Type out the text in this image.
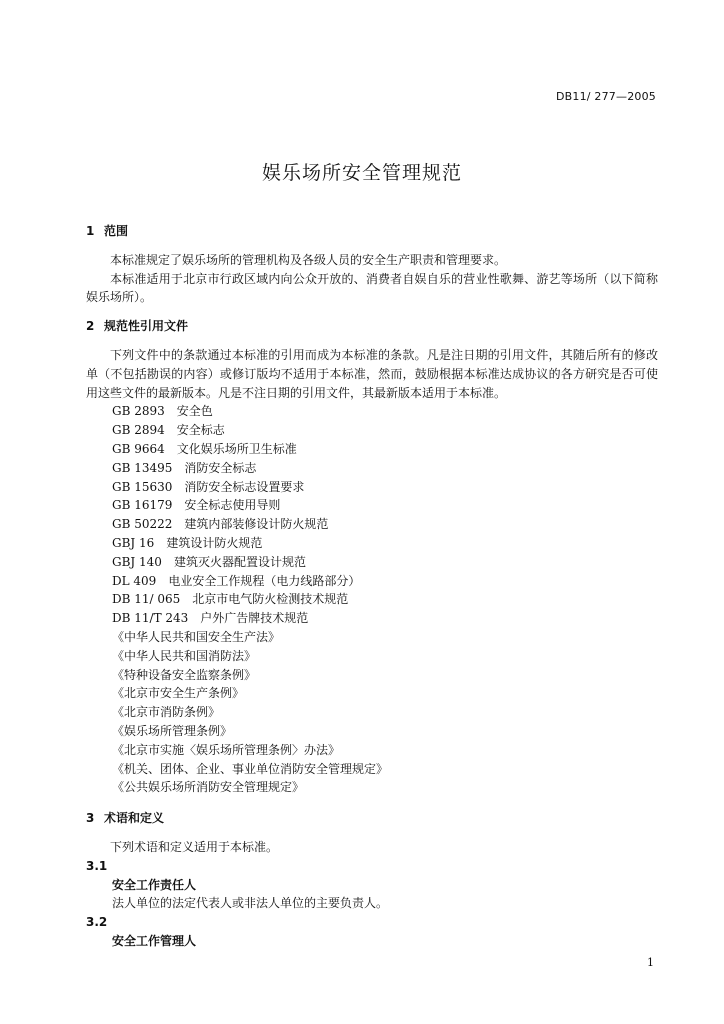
DB11/ 277—2005
娱乐场所安全管理规范
1 范围

本标准规定了娱乐场所的管理机构及各级人员的安全生产职责和管理要求。

本标准适用于北京市行政区域内向公众开放的、消费者自娱自乐的营业性歌舞、游艺等场所（以下简称娱乐场所）。

2 规范性引用文件

下列文件中的条款通过本标准的引用而成为本标准的条款。凡是注日期的引用文件，其随后所有的修改单（不包括勘误的内容）或修订版均不适用于本标准，然而，鼓励根据本标准达成协议的各方研究是否可使用这些文件的最新版本。凡是不注日期的引用文件，其最新版本适用于本标准。

GB 2893 安全色
GB 2894 安全标志
GB 9664 文化娱乐场所卫生标准
GB 13495 消防安全标志
GB 15630 消防安全标志设置要求
GB 16179 安全标志使用导则
GB 50222 建筑内部装修设计防火规范
GBJ 16 建筑设计防火规范
GBJ 140 建筑灭火器配置设计规范
DL 409 电业安全工作规程（电力线路部分）
DB 11/ 065 北京市电气防火检测技术规范
DB 11/T 243 户外广告牌技术规范
《中华人民共和国安全生产法》
《中华人民共和国消防法》
《特种设备安全监察条例》
《北京市安全生产条例》
《北京市消防条例》
《娱乐场所管理条例》
《北京市实施〈娱乐场所管理条例〉办法》
《机关、团体、企业、事业单位消防安全管理规定》
《公共娱乐场所消防安全管理规定》
3 术语和定义

下列术语和定义适用于本标准。

3.1
安全工作责任人
法人单位的法定代表人或非法人单位的主要负责人。
3.2
安全工作管理人
1
